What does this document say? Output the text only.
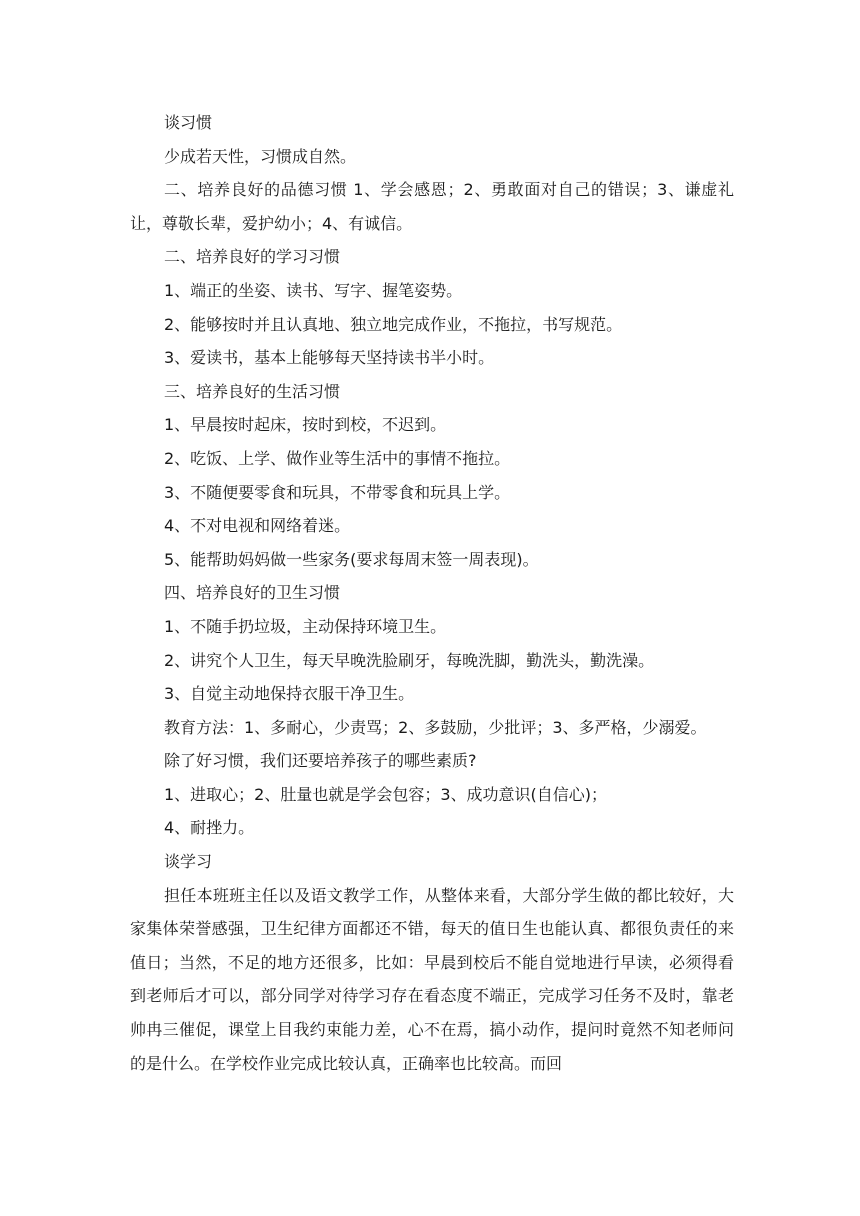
谈习惯

少成若天性，习惯成自然。

二、培养良好的品德习惯 1、学会感恩；2、勇敢面对自己的错误；3、谦虚礼让，尊敬长辈，爱护幼小；4、有诚信。

二、培养良好的学习习惯

1、端正的坐姿、读书、写字、握笔姿势。

2、能够按时并且认真地、独立地完成作业，不拖拉，书写规范。

3、爱读书，基本上能够每天坚持读书半小时。

三、培养良好的生活习惯

1、早晨按时起床，按时到校，不迟到。

2、吃饭、上学、做作业等生活中的事情不拖拉。

3、不随便要零食和玩具，不带零食和玩具上学。

4、不对电视和网络着迷。

5、能帮助妈妈做一些家务(要求每周末签一周表现)。

四、培养良好的卫生习惯

1、不随手扔垃圾，主动保持环境卫生。

2、讲究个人卫生，每天早晚洗脸刷牙，每晚洗脚，勤洗头，勤洗澡。

3、自觉主动地保持衣服干净卫生。

教育方法：1、多耐心，少责骂；2、多鼓励，少批评；3、多严格，少溺爱。

除了好习惯，我们还要培养孩子的哪些素质?

1、进取心；2、肚量也就是学会包容；3、成功意识(自信心)；

4、耐挫力。

谈学习

担任本班班主任以及语文教学工作，从整体来看，大部分学生做的都比较好，大家集体荣誉感强，卫生纪律方面都还不错，每天的值日生也能认真、都很负责任的来值日；当然，不足的地方还很多，比如：早晨到校后不能自觉地进行早读，必须得看到老师后才可以，部分同学对待学习存在看态度不端正，完成学习任务不及时，靠老帅冉三催促，课堂上目我约束能力差，心不在焉，搞小动作，提问时竟然不知老师问的是什么。在学校作业完成比较认真，正确率也比较高。而回
